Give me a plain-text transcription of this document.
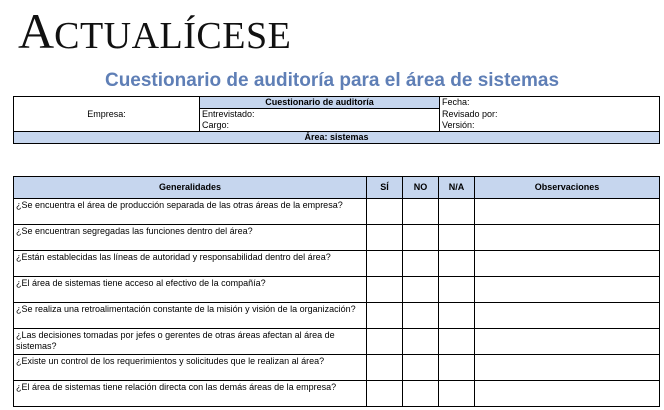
ACTUALÍCESE
Cuestionario de auditoría para el área de sistemas
Empresa:	Cuestionario de auditoría	Fecha:
	Entrevistado:	Revisado por:
	Cargo:	Versión:
Área: sistemas		
Generalidades	SÍ	NO	N/A	Observaciones
¿Se encuentra el área de producción separada de las otras áreas de la empresa?				
¿Se encuentran segregadas las funciones dentro del área?				
¿Están establecidas las líneas de autoridad y responsabilidad dentro del área?				
¿El área de sistemas tiene acceso al efectivo de la compañía?				
¿Se realiza una retroalimentación constante de la misión y visión de la organización?				
¿Las decisiones tomadas por jefes o gerentes de otras áreas afectan al área de sistemas?				
¿Existe un control de los requerimientos y solicitudes que le realizan al área?				
¿El área de sistemas tiene relación directa con las demás áreas de la empresa?				
